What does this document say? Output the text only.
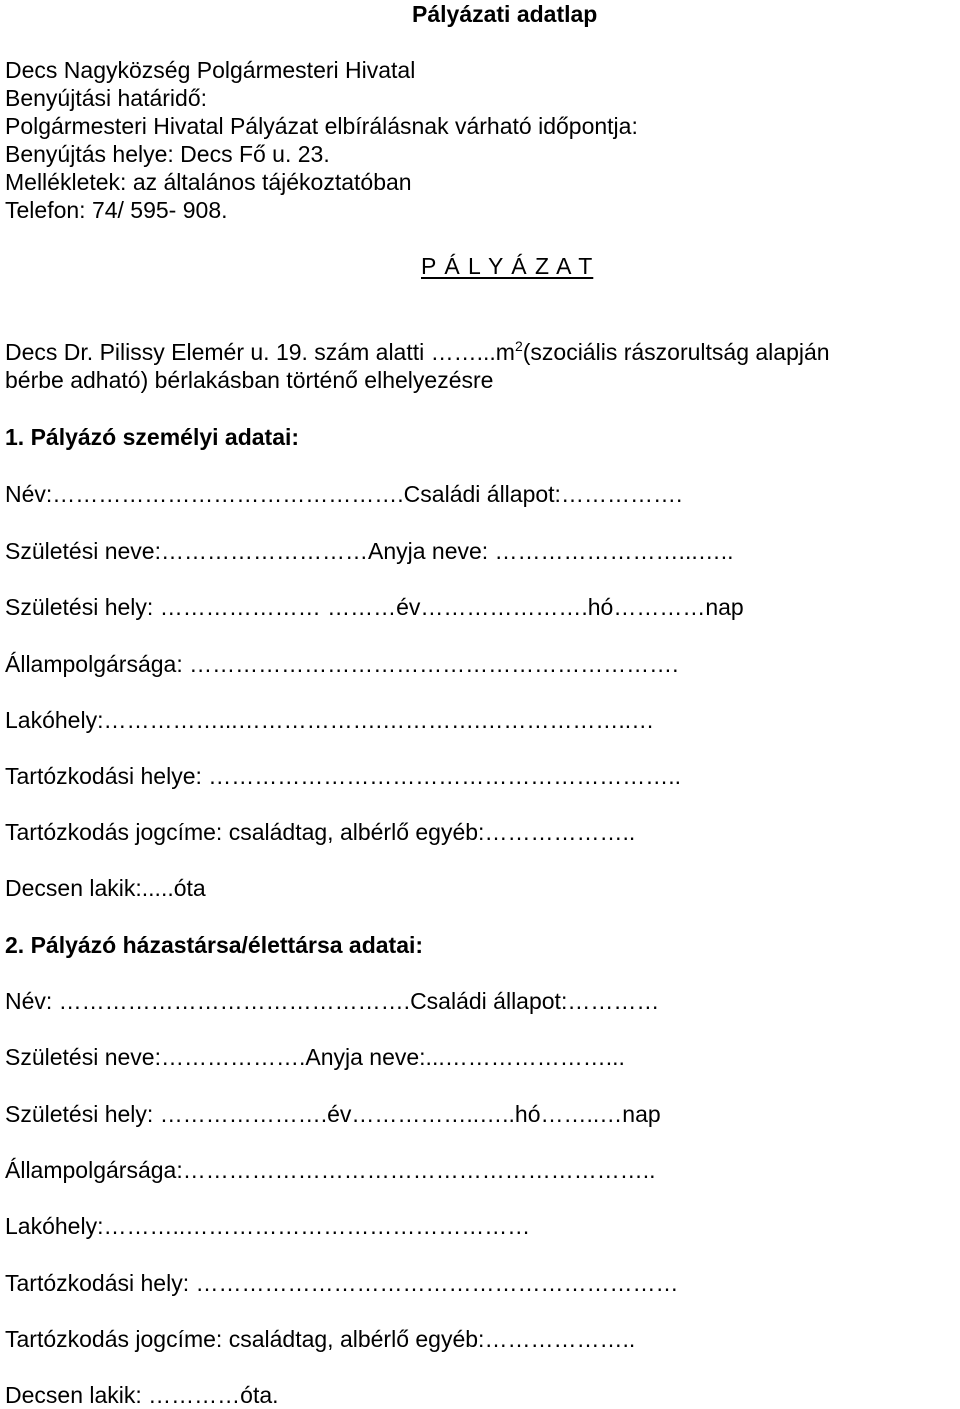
Pályázati adatlap
Decs Nagyközség Polgármesteri Hivatal
Benyújtási határidő:
Polgármesteri Hivatal Pályázat elbírálásnak várható időpontja:
Benyújtás helye: Decs Fő u. 23.
Mellékletek: az általános tájékoztatóban
Telefon: 74/ 595- 908.
P Á L Y Á Z A T
Decs Dr. Pilissy Elemér u. 19. szám alatti $\dots\dots...m^2(szociális$ rászorultság alapján
bérbe adható) bérlakásban történő elhelyezésre
1. Pályázó személyi adatai:
Név:……………………………………….Családi állapot:…………….
Születési neve:………………………Anyja neve: ……………………...…..
Születési hely: ………………… ………év………………….hó…………nap
Állampolgársága: ……………………………………………………….
Lakóhely:……………...……………….………….………………..…
Tartózkodási helye: ……………………………………………………..
Tartózkodás jogcíme: családtag, albérlő egyéb:………………..
Decsen lakik:.....óta
2. Pályázó házastársa/élettársa adatai:
Név: ……………………………………….Családi állapot:…………
Születési neve:……………….Anyja neve:...…………………...
Születési hely: ………………….év……………..…..hó……..…nap
Állampolgársága:……………………………………………………..
Lakóhely:………..………………………………………
Tartózkodási hely: ………………………………………………………
Tartózkodás jogcíme: családtag, albérlő egyéb:………………..
Decsen lakik: …………óta.
